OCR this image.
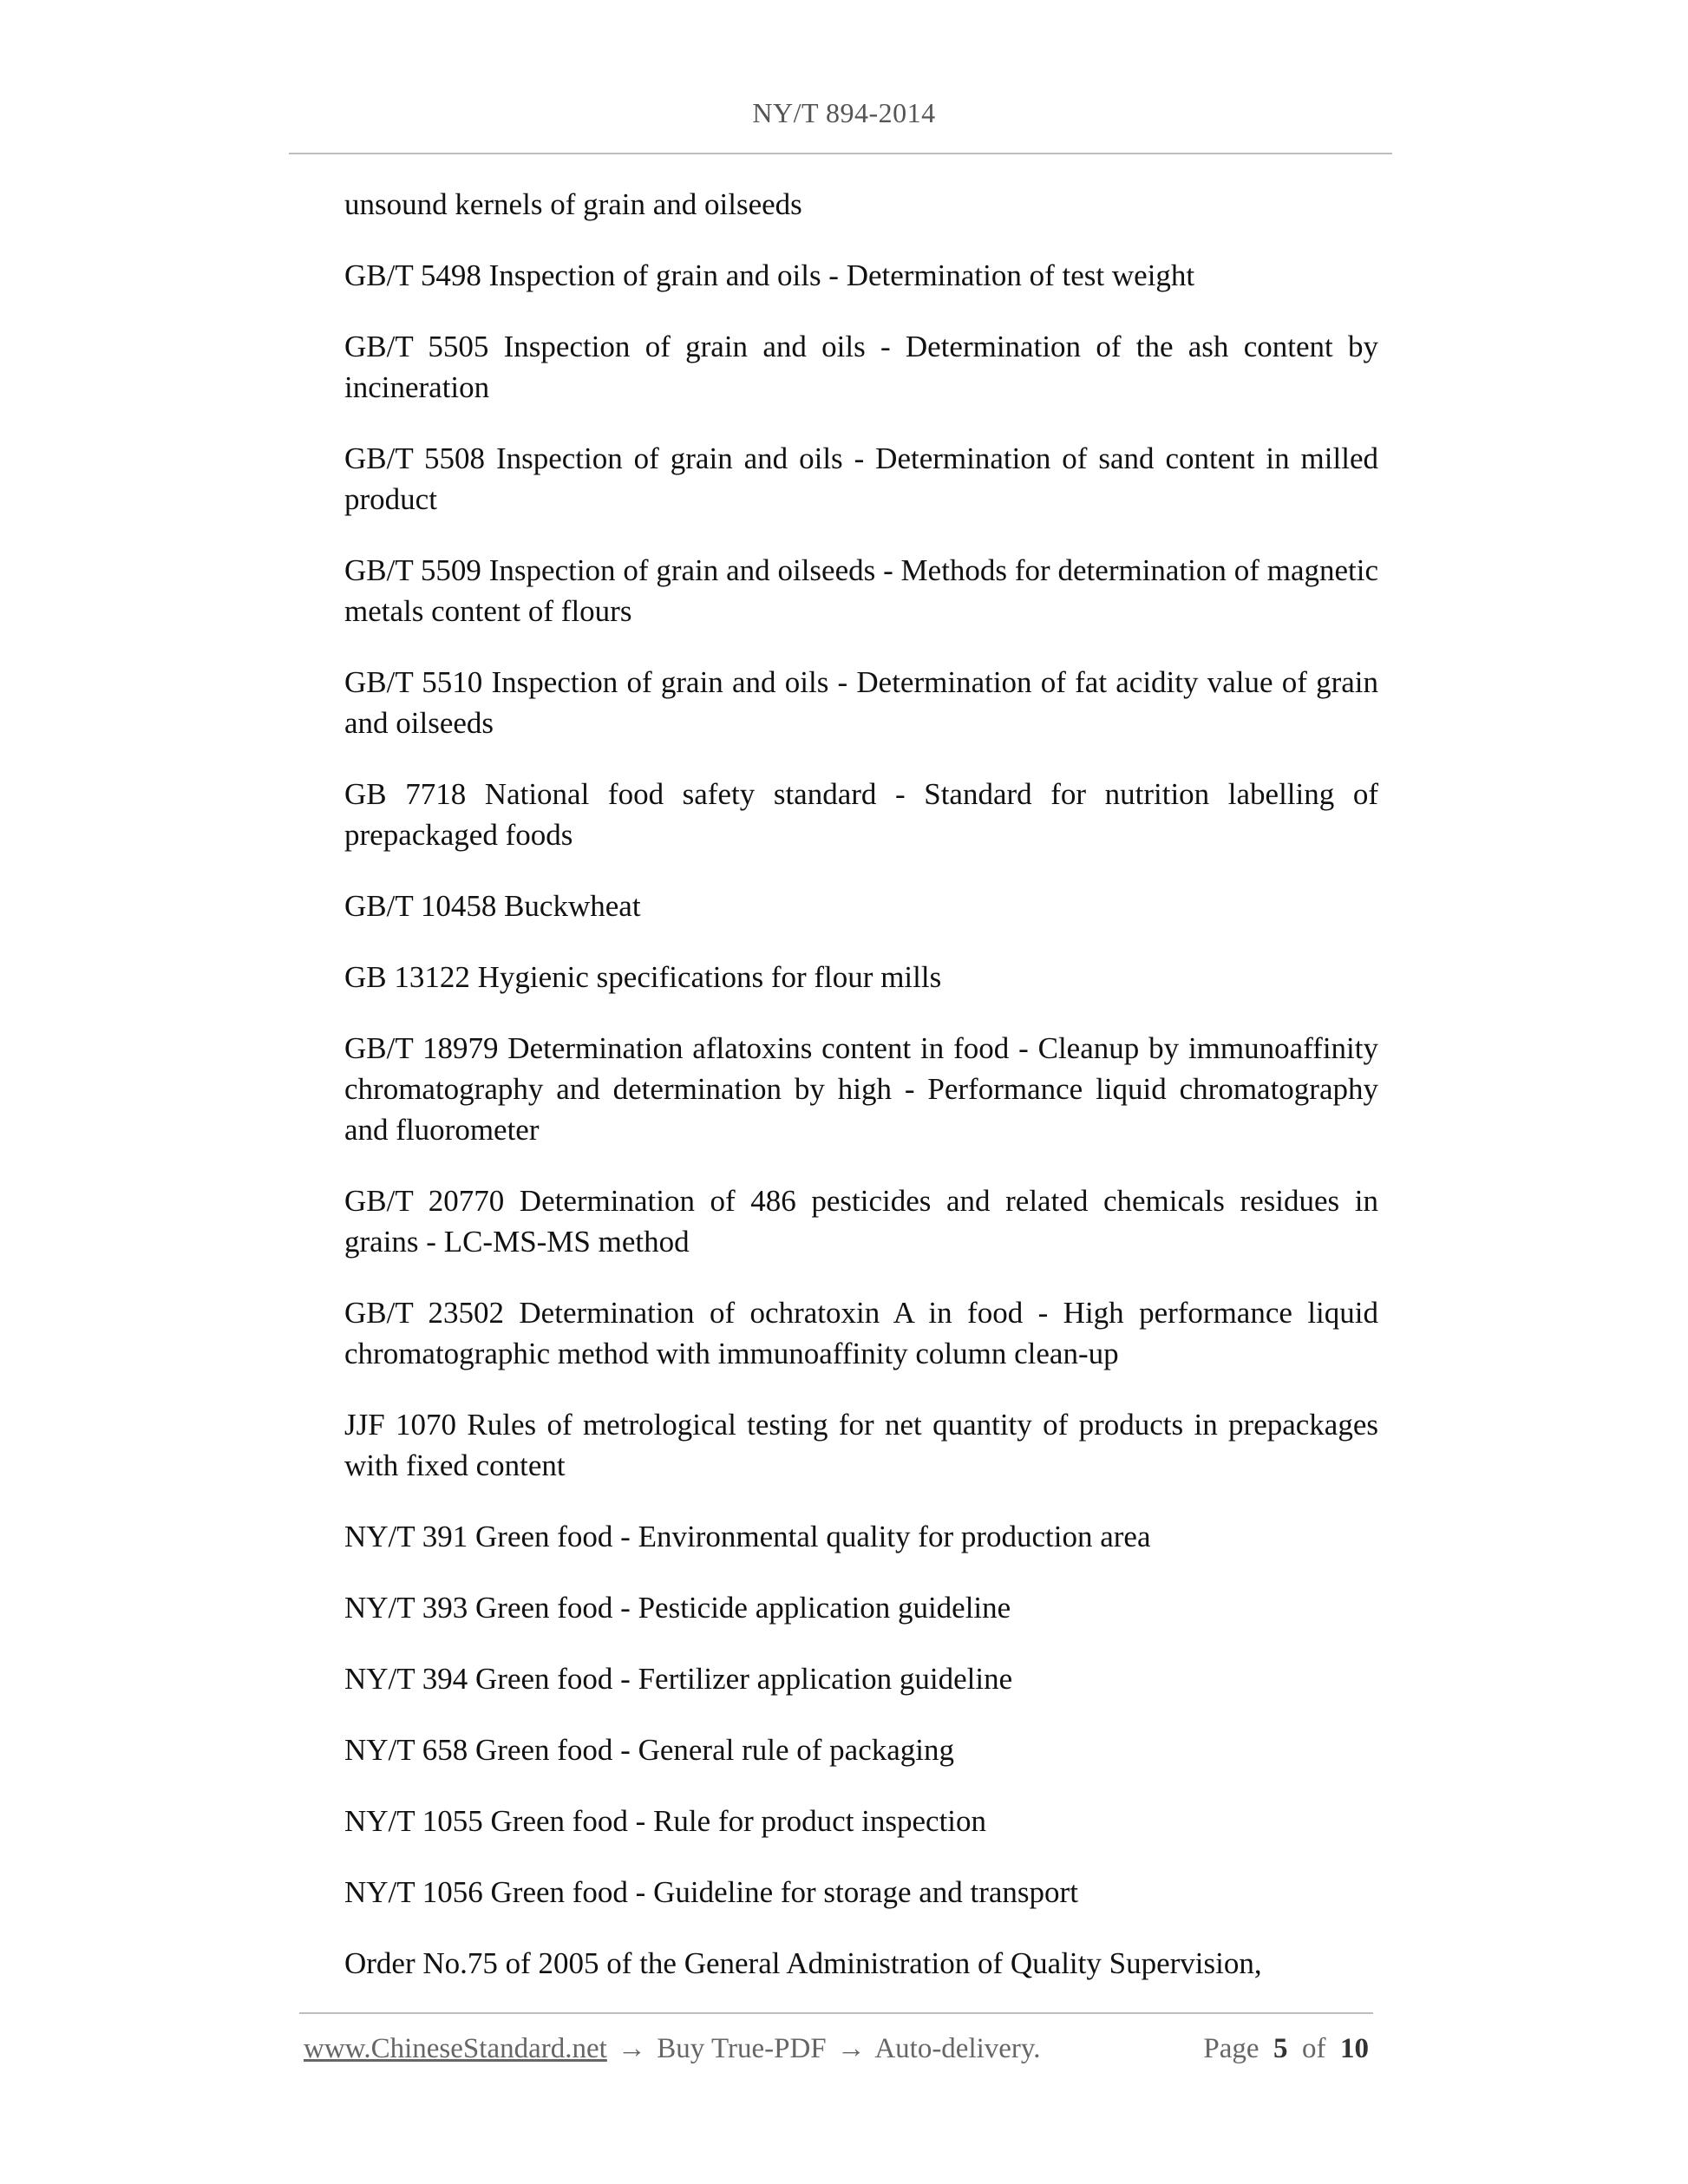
NY/T 894-2014

unsound kernels of grain and oilseeds

GB/T 5498 Inspection of grain and oils - Determination of test weight

GB/T 5505 Inspection of grain and oils - Determination of the ash content by incineration

GB/T 5508 Inspection of grain and oils - Determination of sand content in milled product

GB/T 5509 Inspection of grain and oilseeds - Methods for determination of magnetic metals content of flours

GB/T 5510 Inspection of grain and oils - Determination of fat acidity value of grain and oilseeds

GB 7718 National food safety standard - Standard for nutrition labelling of prepackaged foods

GB/T 10458 Buckwheat

GB 13122 Hygienic specifications for flour mills

GB/T 18979 Determination aflatoxins content in food - Cleanup by immunoaffinity chromatography and determination by high - Performance liquid chromatography and fluorometer

GB/T 20770 Determination of 486 pesticides and related chemicals residues in grains - LC-MS-MS method

GB/T 23502 Determination of ochratoxin A in food - High performance liquid chromatographic method with immunoaffinity column clean-up

JJF 1070 Rules of metrological testing for net quantity of products in prepackages with fixed content

NY/T 391 Green food - Environmental quality for production area

NY/T 393 Green food - Pesticide application guideline

NY/T 394 Green food - Fertilizer application guideline

NY/T 658 Green food - General rule of packaging

NY/T 1055 Green food - Rule for product inspection

NY/T 1056 Green food - Guideline for storage and transport

Order No.75 of 2005 of the General Administration of Quality Supervision,

www.ChineseStandard.net → Buy True-PDF → Auto-delivery.	Page 5 of 10
